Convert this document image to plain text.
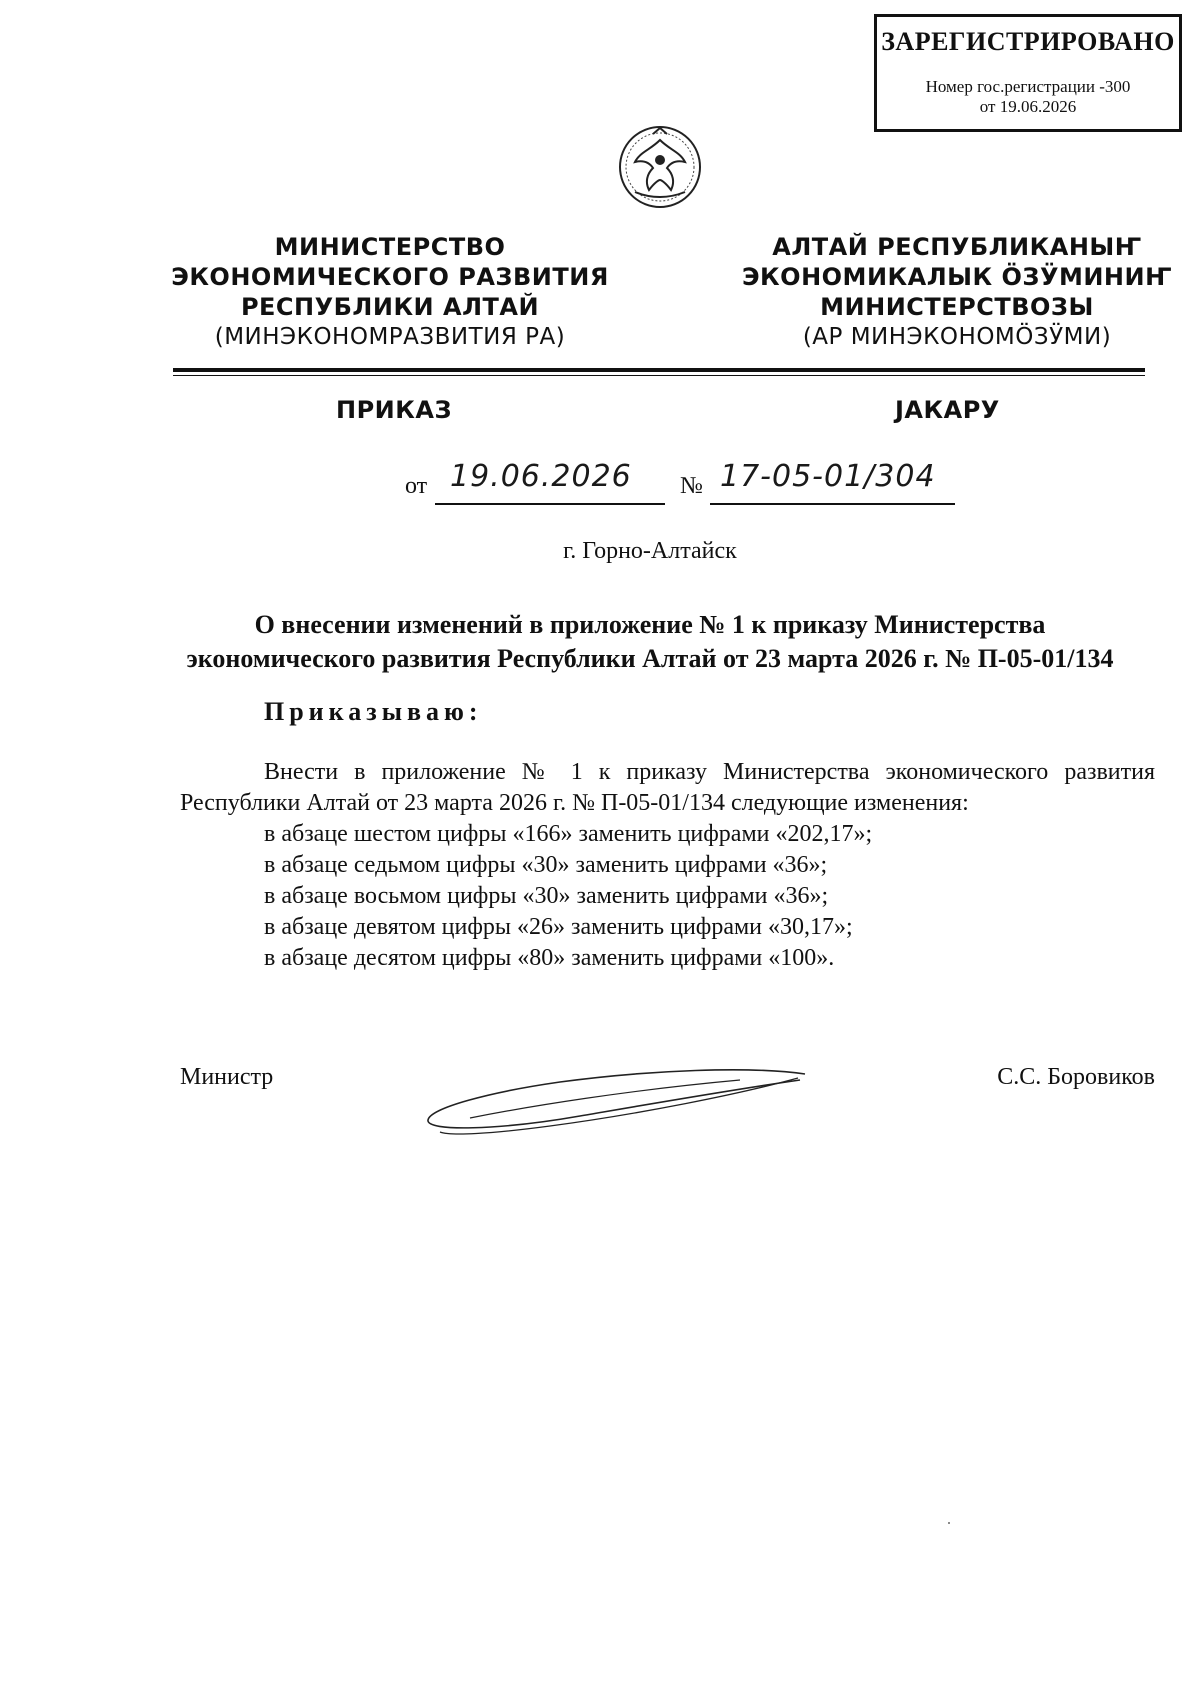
ЗАРЕГИСТРИРОВАНО
Номер гос.регистрации -300
от 19.06.2026
МИНИСТЕРСТВО
ЭКОНОМИЧЕСКОГО РАЗВИТИЯ
РЕСПУБЛИКИ АЛТАЙ
(МИНЭКОНОМРАЗВИТИЯ РА)
АЛТАЙ РЕСПУБЛИКАНЫҤ
ЭКОНОМИКАЛЫК ӦЗӰМИНИҤ
МИНИСТЕРСТВОЗЫ
(АР МИНЭКОНОМӦЗӰМИ)
ПРИКАЗ	JАКАРУ
от 19.06.2026 № 17-05-01/304
г. Горно-Алтайск
О внесении изменений в приложение № 1 к приказу Министерства
экономического развития Республики Алтай от 23 марта 2026 г. № П-05-01/134
Приказываю:

Внести в приложение № 1 к приказу Министерства экономического развития Республики Алтай от 23 марта 2026 г. № П-05-01/134 следующие изменения:

в абзаце шестом цифры «166» заменить цифрами «202,17»;

в абзаце седьмом цифры «30» заменить цифрами «36»;

в абзаце восьмом цифры «30» заменить цифрами «36»;

в абзаце девятом цифры «26» заменить цифрами «30,17»;

в абзаце десятом цифры «80» заменить цифрами «100».

Министр	С.С. Боровиков
